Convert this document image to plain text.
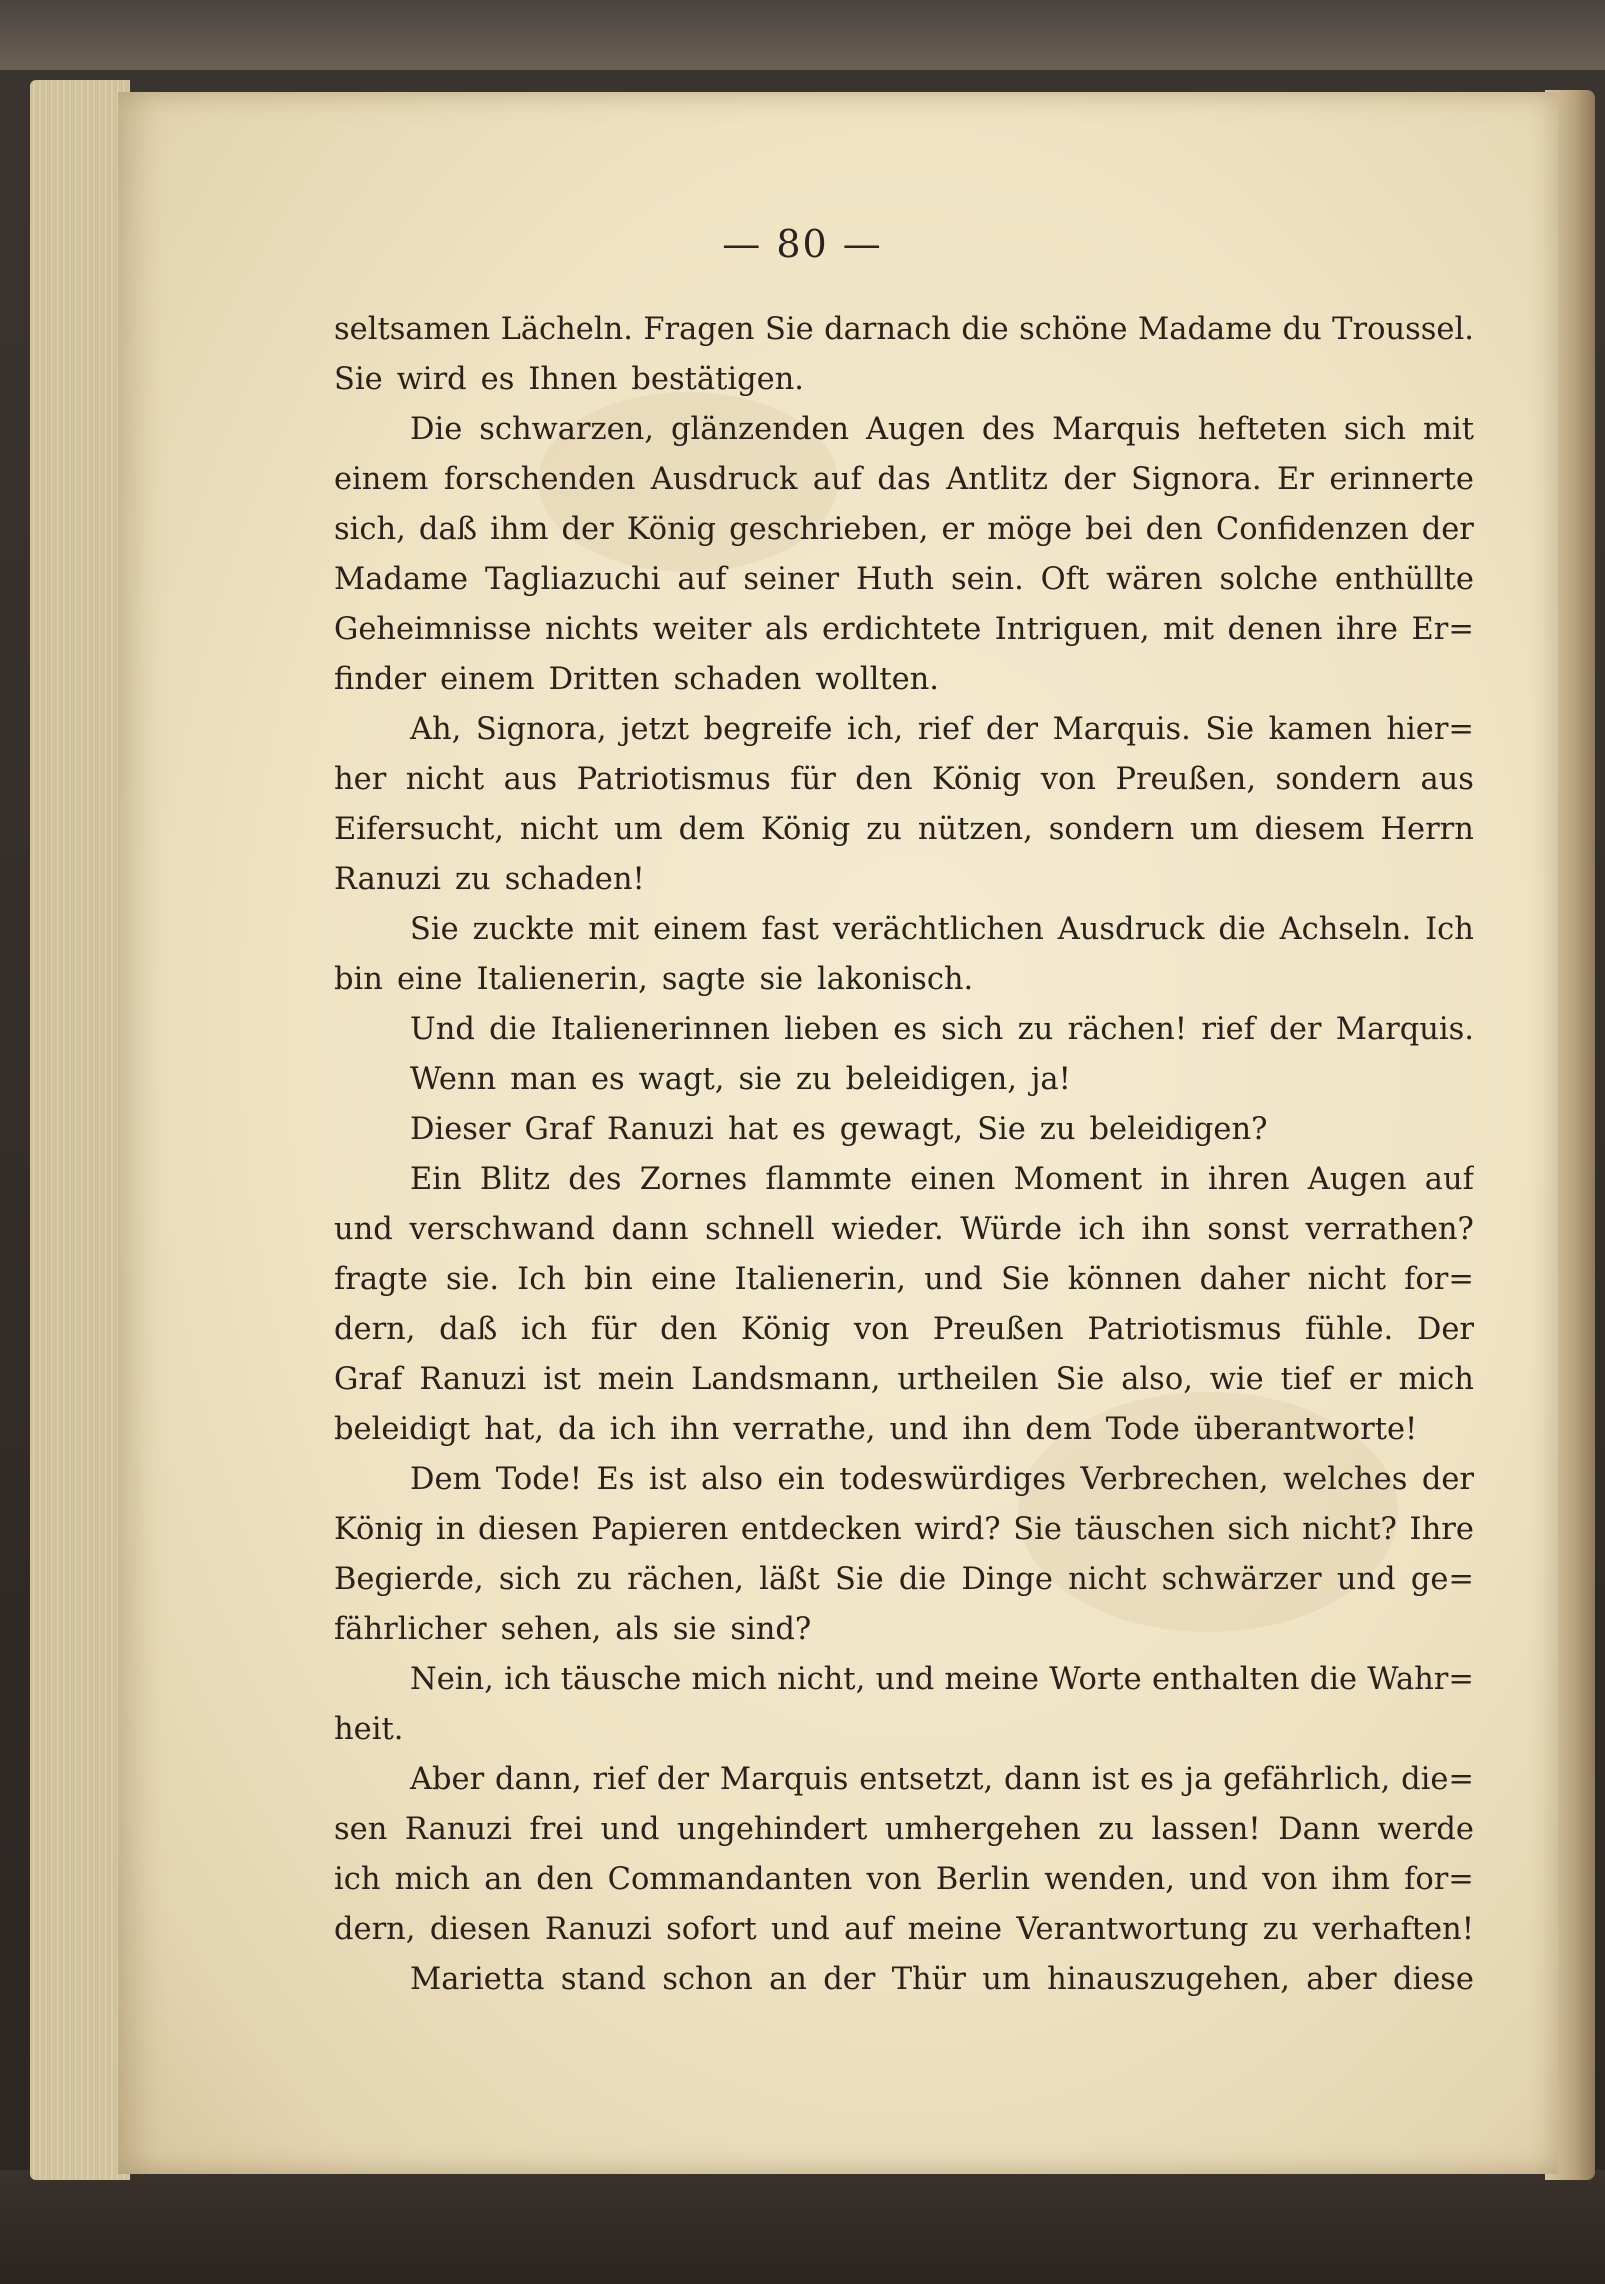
— 80 —
seltsamen Lächeln. Fragen Sie darnach die schöne Madame du Troussel.
Sie wird es Ihnen bestätigen.
Die schwarzen, glänzenden Augen des Marquis hefteten sich mit
einem forschenden Ausdruck auf das Antlitz der Signora. Er erinnerte
sich, daß ihm der König geschrieben, er möge bei den Confidenzen der
Madame Tagliazuchi auf seiner Huth sein. Oft wären solche enthüllte
Geheimnisse nichts weiter als erdichtete Intriguen, mit denen ihre Er=
finder einem Dritten schaden wollten.
Ah, Signora, jetzt begreife ich, rief der Marquis. Sie kamen hier=
her nicht aus Patriotismus für den König von Preußen, sondern aus
Eifersucht, nicht um dem König zu nützen, sondern um diesem Herrn
Ranuzi zu schaden!
Sie zuckte mit einem fast verächtlichen Ausdruck die Achseln. Ich
bin eine Italienerin, sagte sie lakonisch.
Und die Italienerinnen lieben es sich zu rächen! rief der Marquis.
Wenn man es wagt, sie zu beleidigen, ja!
Dieser Graf Ranuzi hat es gewagt, Sie zu beleidigen?
Ein Blitz des Zornes flammte einen Moment in ihren Augen auf
und verschwand dann schnell wieder. Würde ich ihn sonst verrathen?
fragte sie. Ich bin eine Italienerin, und Sie können daher nicht for=
dern, daß ich für den König von Preußen Patriotismus fühle. Der
Graf Ranuzi ist mein Landsmann, urtheilen Sie also, wie tief er mich
beleidigt hat, da ich ihn verrathe, und ihn dem Tode überantworte!
Dem Tode! Es ist also ein todeswürdiges Verbrechen, welches der
König in diesen Papieren entdecken wird? Sie täuschen sich nicht? Ihre
Begierde, sich zu rächen, läßt Sie die Dinge nicht schwärzer und ge=
fährlicher sehen, als sie sind?
Nein, ich täusche mich nicht, und meine Worte enthalten die Wahr=
heit.
Aber dann, rief der Marquis entsetzt, dann ist es ja gefährlich, die=
sen Ranuzi frei und ungehindert umhergehen zu lassen! Dann werde
ich mich an den Commandanten von Berlin wenden, und von ihm for=
dern, diesen Ranuzi sofort und auf meine Verantwortung zu verhaften!
Marietta stand schon an der Thür um hinauszugehen, aber diese
